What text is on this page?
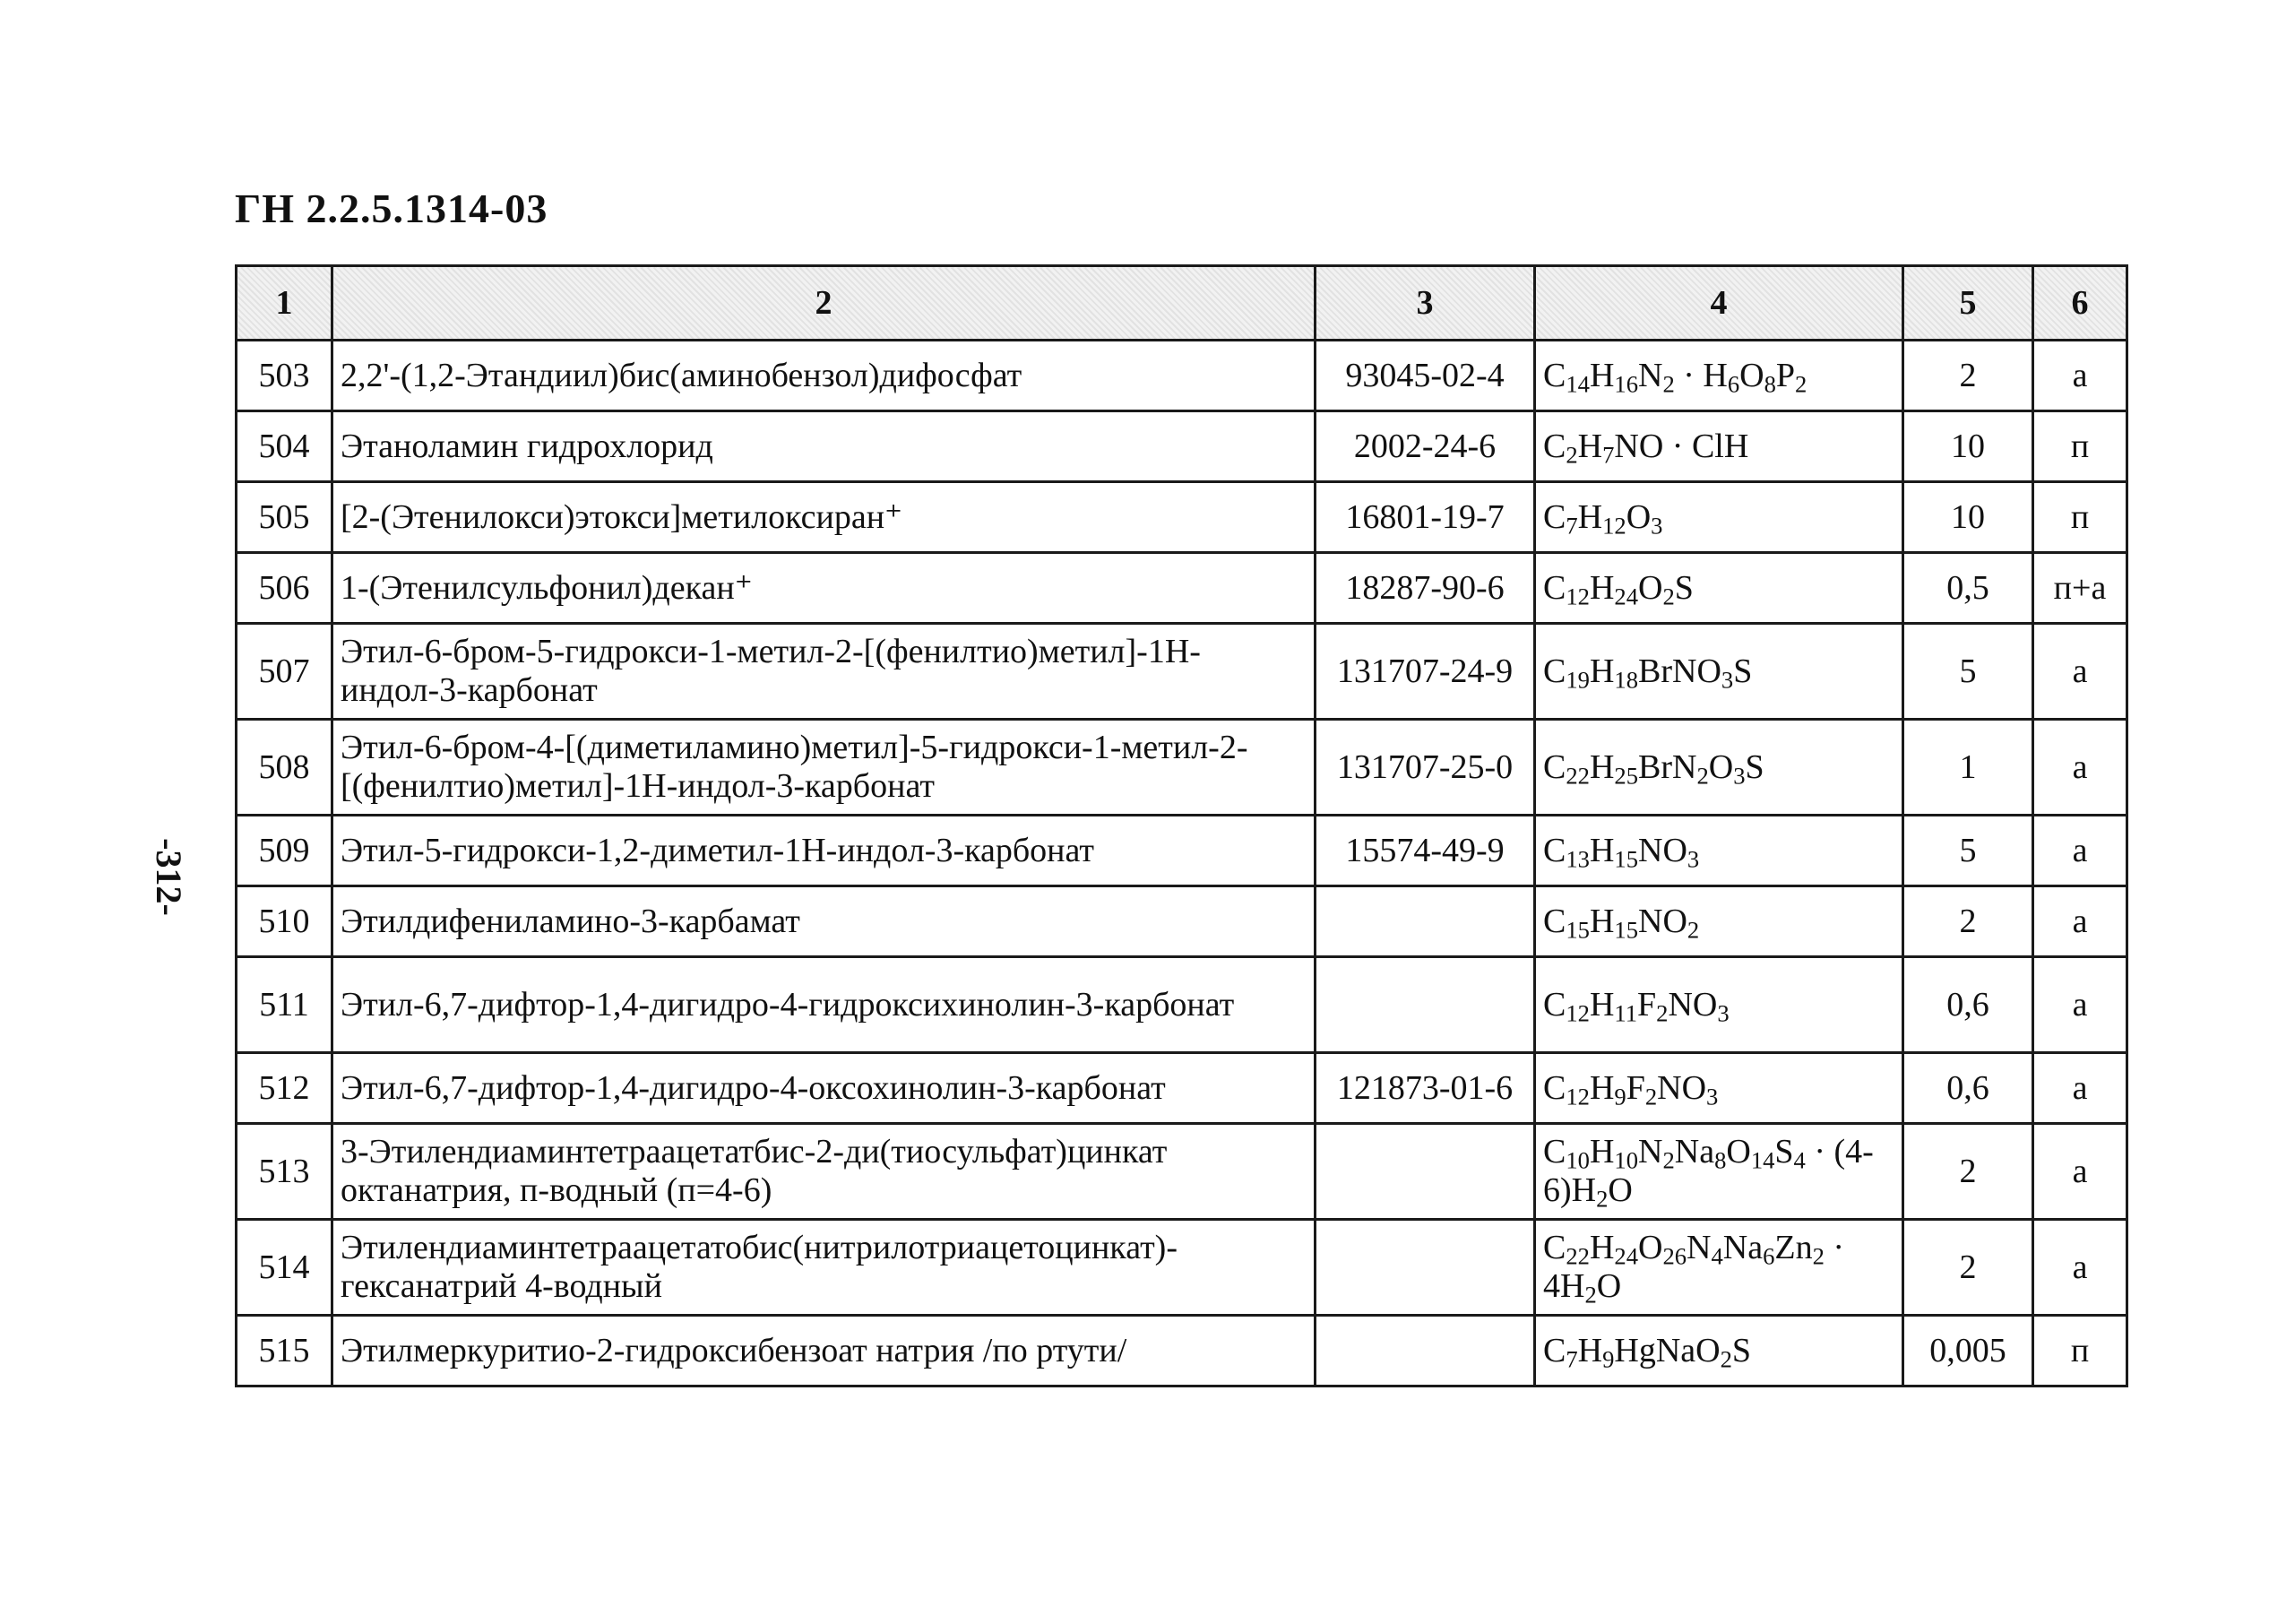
ГН 2.2.5.1314-03
-312-
1	2	3	4	5	6
503	2,2'-(1,2-Этандиил)бис(аминобензол)дифосфат	93045-02-4	$C_{14}H_{16}N_2 \cdot H_6O_8P_2$	2	а
504	Этаноламин гидрохлорид	2002-24-6	$C_2H_7NO$ · ClH	10	п
505	[2-(Этенилокси)этокси]метилоксиран⁺	16801-19-7	$C_7H_{12}O_3$	10	п
506	1-(Этенилсульфонил)декан⁺	18287-90-6	$C_{12}H_{24}O_2S$	0,5	п+а
507	Этил-6-бром-5-гидрокси-1-метил-2-[(фенилтио)метил]-1Н-индол-3-карбонат	131707-24-9	$C_{19}H_{18}BrNO_3S$	5	а
508	Этил-6-бром-4-[(диметиламино)метил]-5-гидрокси-1-метил-2-[(фенилтио)метил]-1Н-индол-3-карбонат	131707-25-0	$C_{22}H_{25}BrN_2O_3S$	1	а
509	Этил-5-гидрокси-1,2-диметил-1Н-индол-3-карбонат	15574-49-9	$C_{13}H_{15}NO_3$	5	а
510	Этилдифениламино-3-карбамат		$C_{15}H_{15}NO_2$	2	а
511	Этил-6,7-дифтор-1,4-дигидро-4-гидроксихинолин-3-карбонат		$C_{12}H_{11}F_2NO_3$	0,6	а
512	Этил-6,7-дифтор-1,4-дигидро-4-оксохинолин-3-карбонат	121873-01-6	$C_{12}H_9F_2NO_3$	0,6	а
513	3-Этилендиаминтетраацетатбис-2-ди(тиосульфат)цинкат октанатрия, п-водный (п=4-6)		$C_{10}H_{10}N_2Na_8O_{14}S_4 \cdot (4-6)H_2O$	2	а
514	Этилендиаминтетраацетатобис(нитрилотриацетоцинкат)-гексанатрий 4-водный		$C_{22}H_{24}O_{26}N_4Na_6Zn_2 \cdot 4H_2O$	2	а
515	Этилмеркуритио-2-гидроксибензоат натрия /по ртути/		$C_7H_9HgNaO_2S$	0,005	п
